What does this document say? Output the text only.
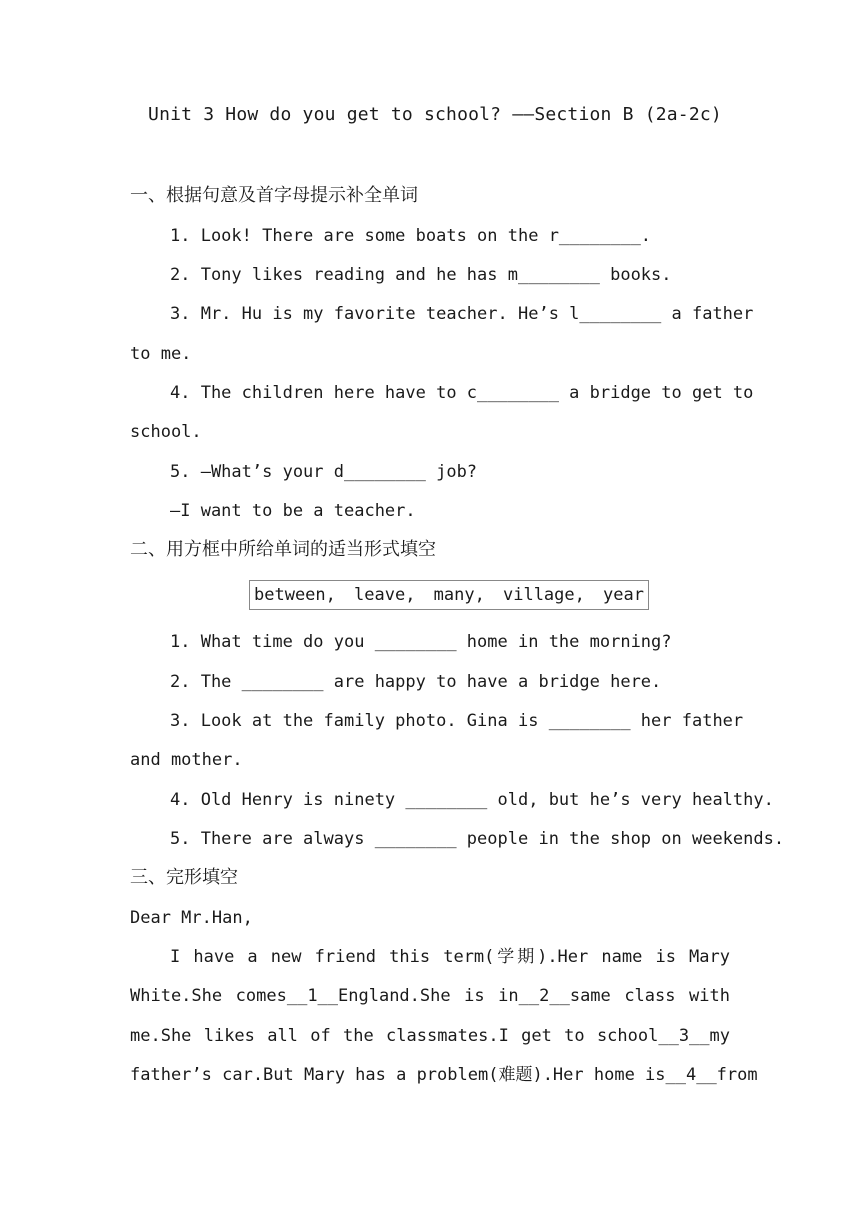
Unit 3 How do you get to school? ——Section B (2a-2c)
一、根据句意及首字母提示补全单词
1. Look! There are some boats on the r________.
2. Tony likes reading and he has m________ books.
3. Mr. Hu is my favorite teacher. He’s l________ a father
to me.
4. The children here have to c________ a bridge to get to
school.
5. —What’s your d________ job?
—I want to be a teacher.
二、用方框中所给单词的适当形式填空
between, leave, many, village, year
1. What time do you ________ home in the morning?
2. The ________ are happy to have a bridge here.
3. Look at the family photo. Gina is ________ her father
and mother.
4. Old Henry is ninety ________ old, but he’s very healthy.
5. There are always ________ people in the shop on weekends.
三、完形填空
Dear Mr.Han,
I have a new friend this term(学期).Her name is Mary
White.She comes__1__England.She is in__2__same class with
me.She likes all of the classmates.I get to school__3__my
father’s car.But Mary has a problem(难题).Her home is__4__from
